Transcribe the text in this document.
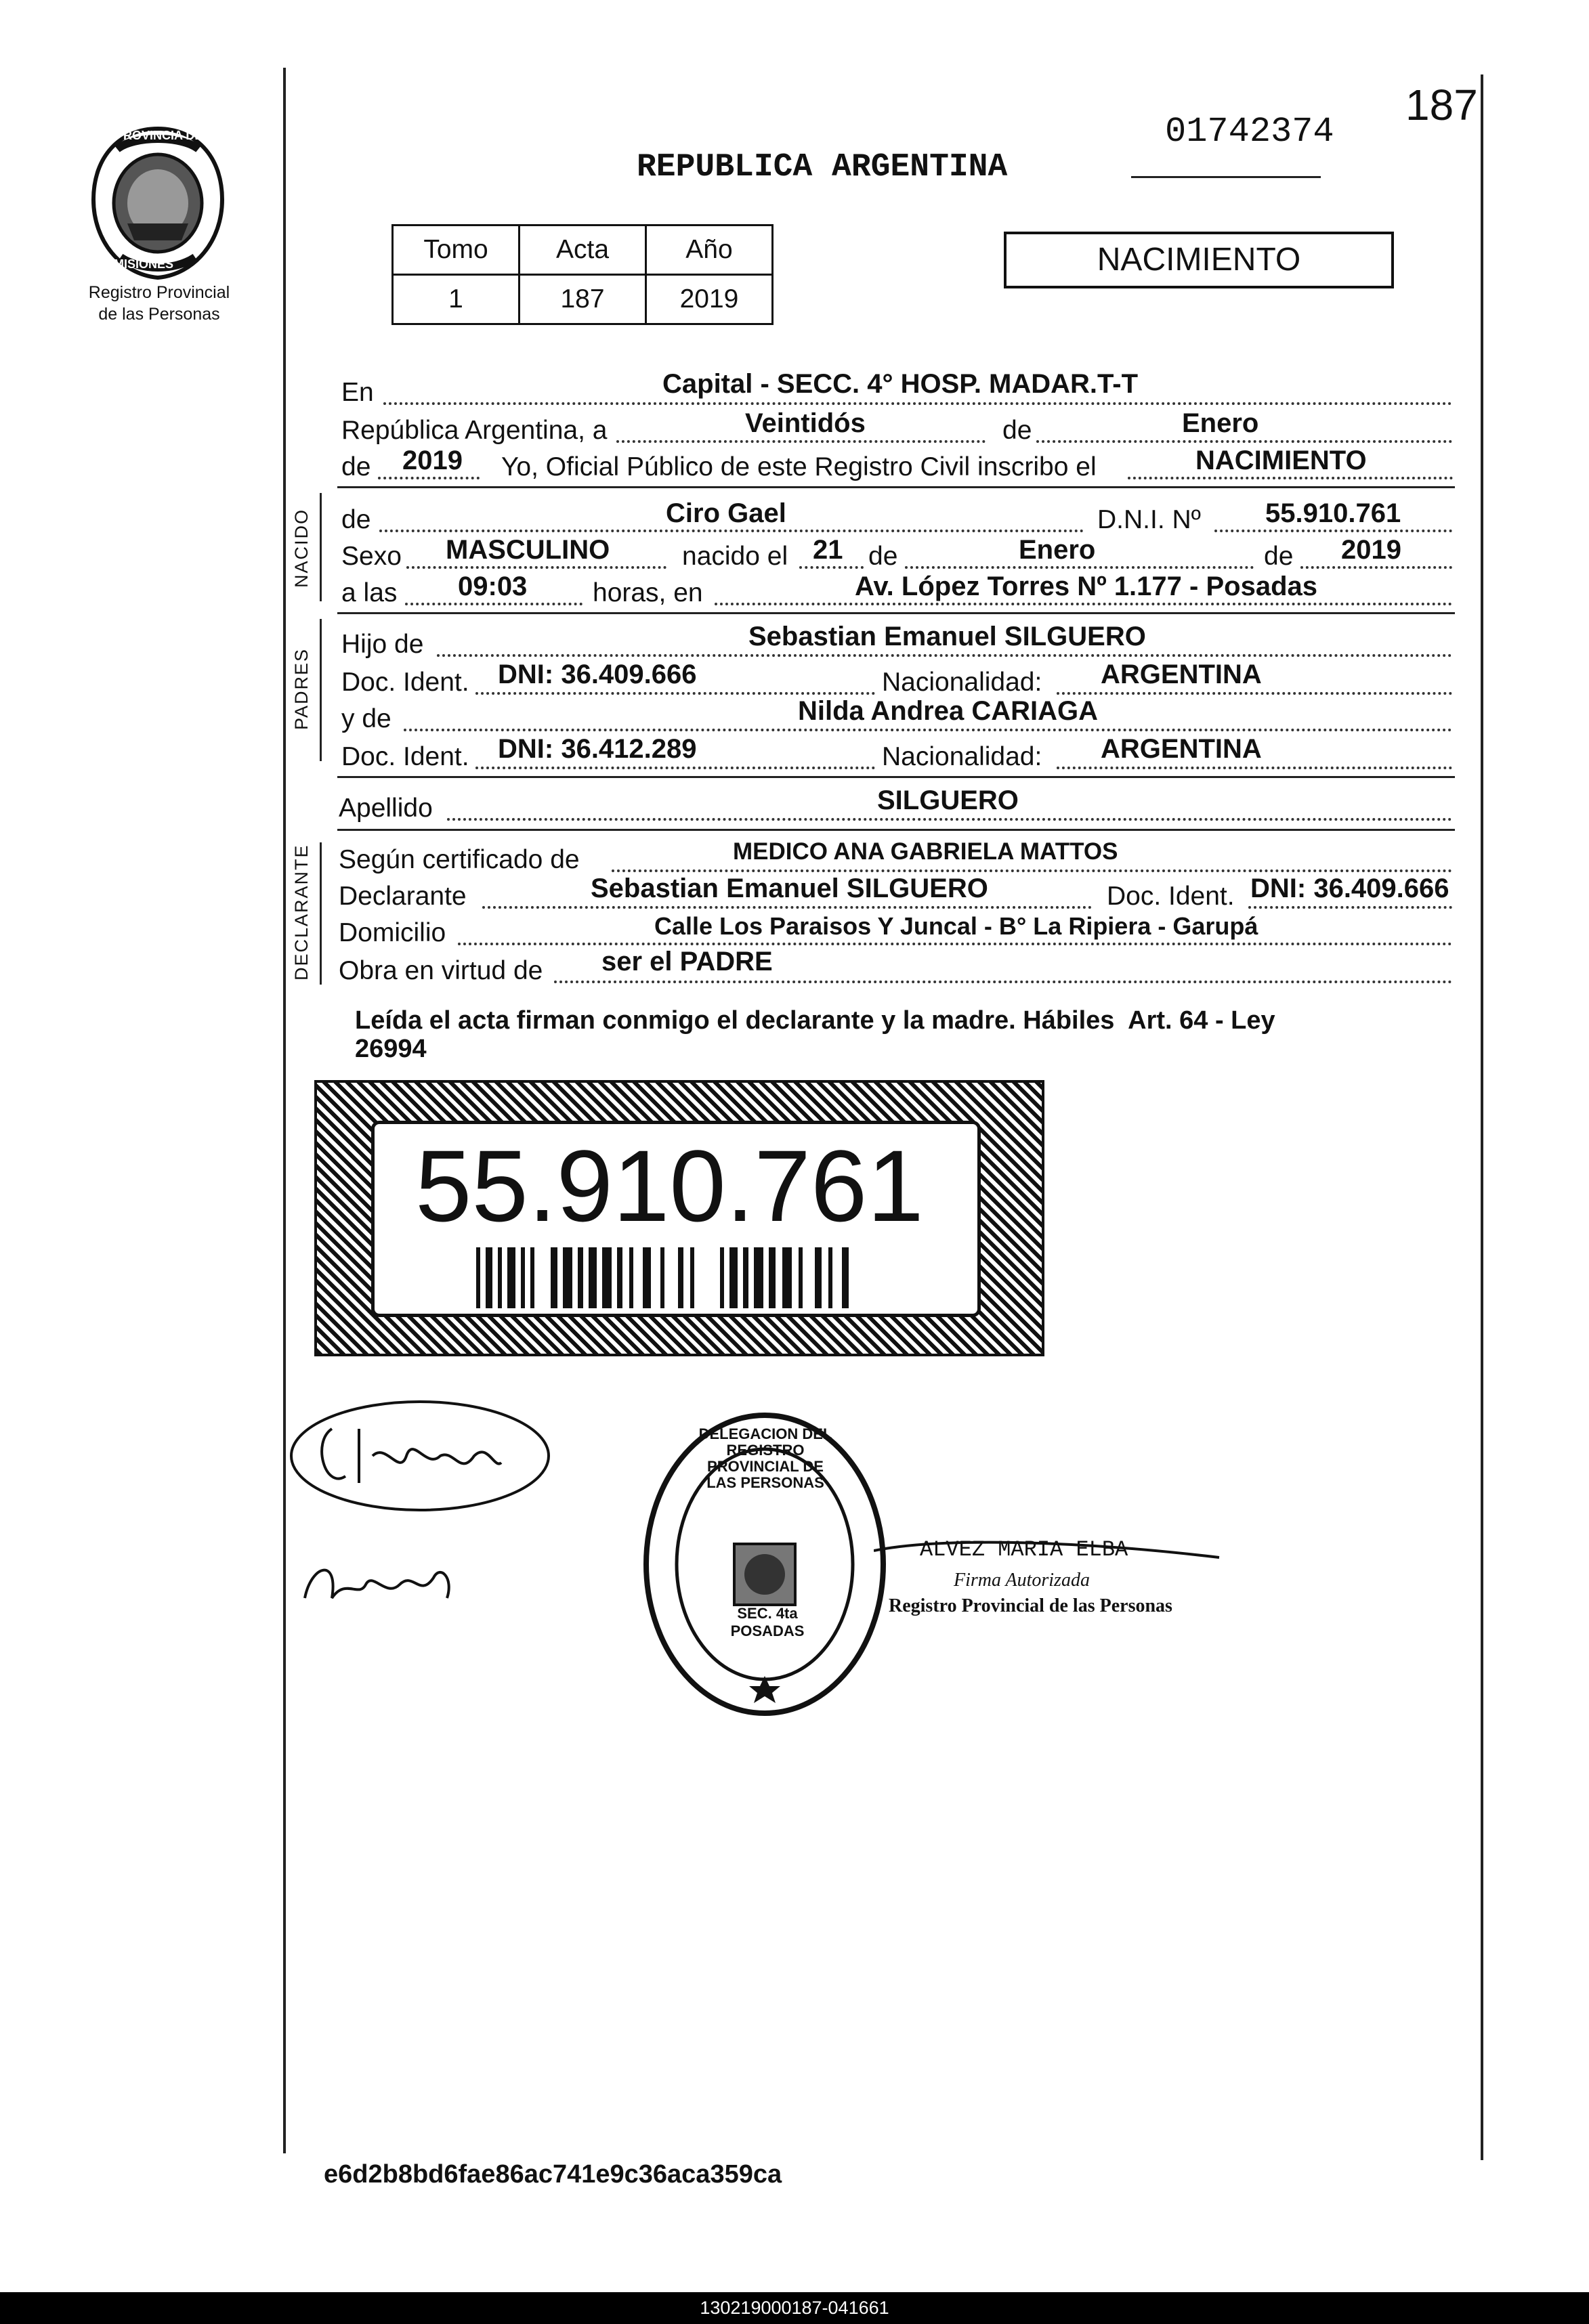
PROVINCIA DE
MISIONES
Registro Provincial
de las Personas
REPUBLICA ARGENTINA
01742374
187
Tomo	Acta	Año
1	187	2019
NACIMIENTO
En	Capital - SECC. 4° HOSP. MADAR.T-T
República Argentina, a	Veintidós	de	Enero
de 2019 Yo, Oficial Público de este Registro Civil inscribo el	NACIMIENTO
NACIDO de	Ciro Gael	D.N.I. Nº 55.910.761
Sexo MASCULINO	nacido el 21 de	Enero	de 2019
a las 09:03 horas, en	Av. López Torres Nº 1.177 - Posadas
PADRES
Hijo de	Sebastian Emanuel SILGUERO
Doc. Ident. DNI: 36.409.666	Nacionalidad: ARGENTINA
y de	Nilda Andrea CARIAGA
Doc. Ident. DNI: 36.412.289	Nacionalidad: ARGENTINA
Apellido	SILGUERO
DECLARANTE Según certificado de	MEDICO ANA GABRIELA MATTOS
Declarante	Sebastian Emanuel SILGUERO	Doc. Ident. DNI: 36.409.666
Domicilio	Calle Los Paraisos Y Juncal - B° La Ripiera - Garupá
Obra en virtud de ser el PADRE
Leída el acta firman conmigo el declarante y la madre. Hábiles  Art. 64 - Ley
26994
55.910.761
DELEGACION DEL REGISTRO PROVINCIAL DE LAS PERSONAS
SEC. 4ta POSADAS
ALVEZ MARIA ELBA
Firma Autorizada
Registro Provincial de las Personas
e6d2b8bd6fae86ac741e9c36aca359ca
130219000187-041661
